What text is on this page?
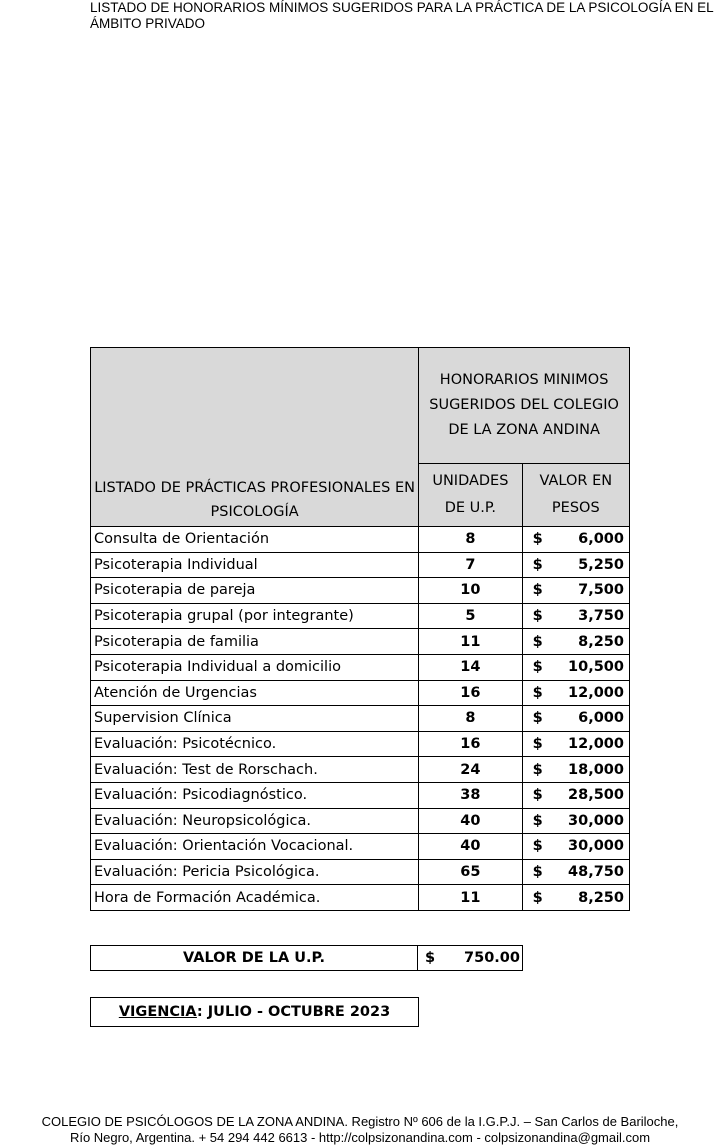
LISTADO DE HONORARIOS MÍNIMOS SUGERIDOS PARA LA PRÁCTICA DE LA PSICOLOGÍA EN EL
ÁMBITO PRIVADO
LISTADO DE PRÁCTICAS PROFESIONALES EN PSICOLOGÍA	HONORARIOS MINIMOS SUGERIDOS DEL COLEGIO DE LA ZONA ANDINA	
	UNIDADES DE U.P.	VALOR EN PESOS
Consulta de Orientación	8	$ 6,000

Psicoterapia Individual	7	$ 5,250

Psicoterapia de pareja	10	$ 7,500

Psicoterapia grupal (por integrante)	5	$ 3,750

Psicoterapia de familia	11	$ 8,250

Psicoterapia Individual a domicilio	14	$ 10,500

Atención de Urgencias	16	$ 12,000

Supervision Clínica	8	$ 6,000

Evaluación: Psicotécnico.	16	$ 12,000

Evaluación: Test de Rorschach.	24	$ 18,000

Evaluación: Psicodiagnóstico.	38	$ 28,500

Evaluación: Neuropsicológica.	40	$ 30,000

Evaluación: Orientación Vocacional.	40	$ 30,000

Evaluación: Pericia Psicológica.	65	$ 48,750

Hora de Formación Académica.	11	$ 8,250
VALOR DE LA U.P.	$ 750.00
VIGENCIA: JULIO - OCTUBRE 2023
COLEGIO DE PSICÓLOGOS DE LA ZONA ANDINA. Registro Nº 606 de la I.G.P.J. – San Carlos de Bariloche,
Río Negro, Argentina. + 54 294 442 6613 - http://colpsizonandina.com - colpsizonandina@gmail.com
